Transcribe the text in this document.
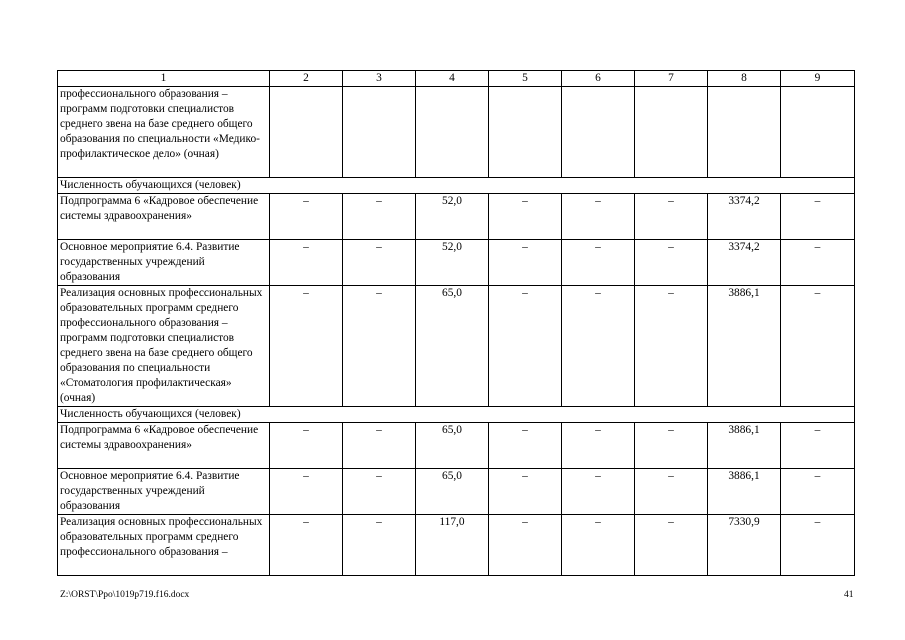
1	2	3	4	5	6	7	8	9
профессионального образования – программ подготовки специалистов среднего звена на базе среднего общего образования по специальности «Медико-профилактическое дело» (очная)								
Численность обучающихся (человек)								
Подпрограмма 6 «Кадровое обеспечение системы здравоохранения»	–	–	52,0	–	–	–	3374,2	–
Основное мероприятие 6.4. Развитие государственных учреждений образования	–	–	52,0	–	–	–	3374,2	–
Реализация основных профессиональных образовательных программ среднего профессионального образования – программ подготовки специалистов среднего звена на базе среднего общего образования по специальности «Стоматология профилактическая» (очная)	–	–	65,0	–	–	–	3886,1	–
Численность обучающихся (человек)								
Подпрограмма 6 «Кадровое обеспечение системы здравоохранения»	–	–	65,0	–	–	–	3886,1	–
Основное мероприятие 6.4. Развитие государственных учреждений образования	–	–	65,0	–	–	–	3886,1	–
Реализация основных профессиональных образовательных программ среднего профессионального образования –	–	–	117,0	–	–	–	7330,9	–
Z:\ORST\Ppo\1019p719.f16.docx	41
